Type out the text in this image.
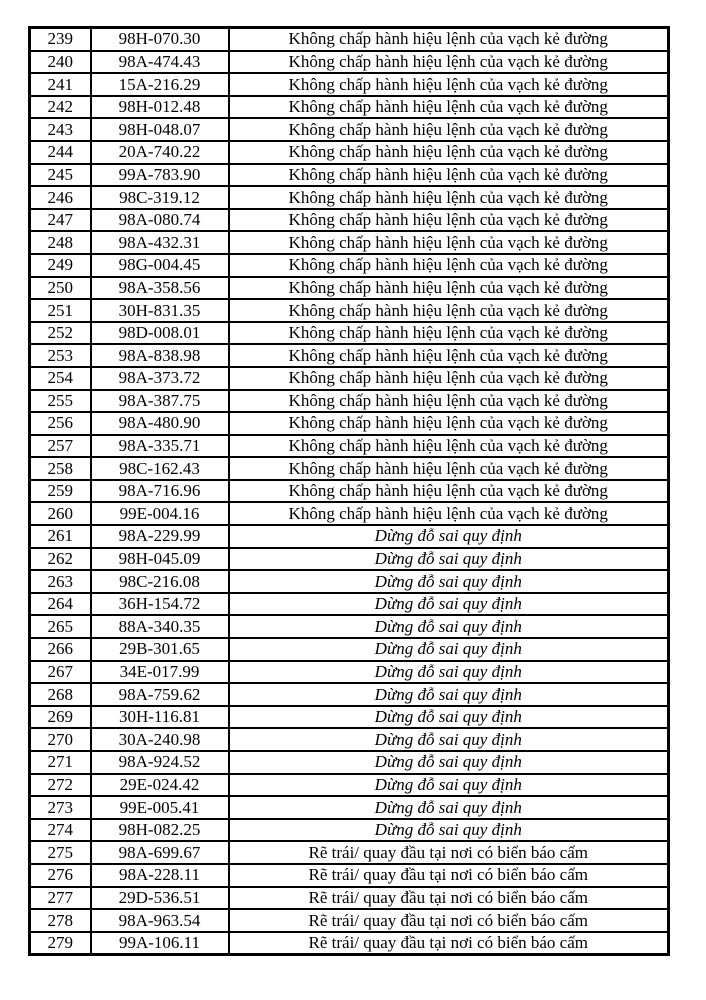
239	98H-070.30	Không chấp hành hiệu lệnh của vạch kẻ đường
240	98A-474.43	Không chấp hành hiệu lệnh của vạch kẻ đường
241	15A-216.29	Không chấp hành hiệu lệnh của vạch kẻ đường
242	98H-012.48	Không chấp hành hiệu lệnh của vạch kẻ đường
243	98H-048.07	Không chấp hành hiệu lệnh của vạch kẻ đường
244	20A-740.22	Không chấp hành hiệu lệnh của vạch kẻ đường
245	99A-783.90	Không chấp hành hiệu lệnh của vạch kẻ đường
246	98C-319.12	Không chấp hành hiệu lệnh của vạch kẻ đường
247	98A-080.74	Không chấp hành hiệu lệnh của vạch kẻ đường
248	98A-432.31	Không chấp hành hiệu lệnh của vạch kẻ đường
249	98G-004.45	Không chấp hành hiệu lệnh của vạch kẻ đường
250	98A-358.56	Không chấp hành hiệu lệnh của vạch kẻ đường
251	30H-831.35	Không chấp hành hiệu lệnh của vạch kẻ đường
252	98D-008.01	Không chấp hành hiệu lệnh của vạch kẻ đường
253	98A-838.98	Không chấp hành hiệu lệnh của vạch kẻ đường
254	98A-373.72	Không chấp hành hiệu lệnh của vạch kẻ đường
255	98A-387.75	Không chấp hành hiệu lệnh của vạch kẻ đường
256	98A-480.90	Không chấp hành hiệu lệnh của vạch kẻ đường
257	98A-335.71	Không chấp hành hiệu lệnh của vạch kẻ đường
258	98C-162.43	Không chấp hành hiệu lệnh của vạch kẻ đường
259	98A-716.96	Không chấp hành hiệu lệnh của vạch kẻ đường
260	99E-004.16	Không chấp hành hiệu lệnh của vạch kẻ đường
261	98A-229.99	Dừng đỗ sai quy định
262	98H-045.09	Dừng đỗ sai quy định
263	98C-216.08	Dừng đỗ sai quy định
264	36H-154.72	Dừng đỗ sai quy định
265	88A-340.35	Dừng đỗ sai quy định
266	29B-301.65	Dừng đỗ sai quy định
267	34E-017.99	Dừng đỗ sai quy định
268	98A-759.62	Dừng đỗ sai quy định
269	30H-116.81	Dừng đỗ sai quy định
270	30A-240.98	Dừng đỗ sai quy định
271	98A-924.52	Dừng đỗ sai quy định
272	29E-024.42	Dừng đỗ sai quy định
273	99E-005.41	Dừng đỗ sai quy định
274	98H-082.25	Dừng đỗ sai quy định
275	98A-699.67	Rẽ trái/ quay đầu tại nơi có biển báo cấm
276	98A-228.11	Rẽ trái/ quay đầu tại nơi có biển báo cấm
277	29D-536.51	Rẽ trái/ quay đầu tại nơi có biển báo cấm
278	98A-963.54	Rẽ trái/ quay đầu tại nơi có biển báo cấm
279	99A-106.11	Rẽ trái/ quay đầu tại nơi có biển báo cấm
